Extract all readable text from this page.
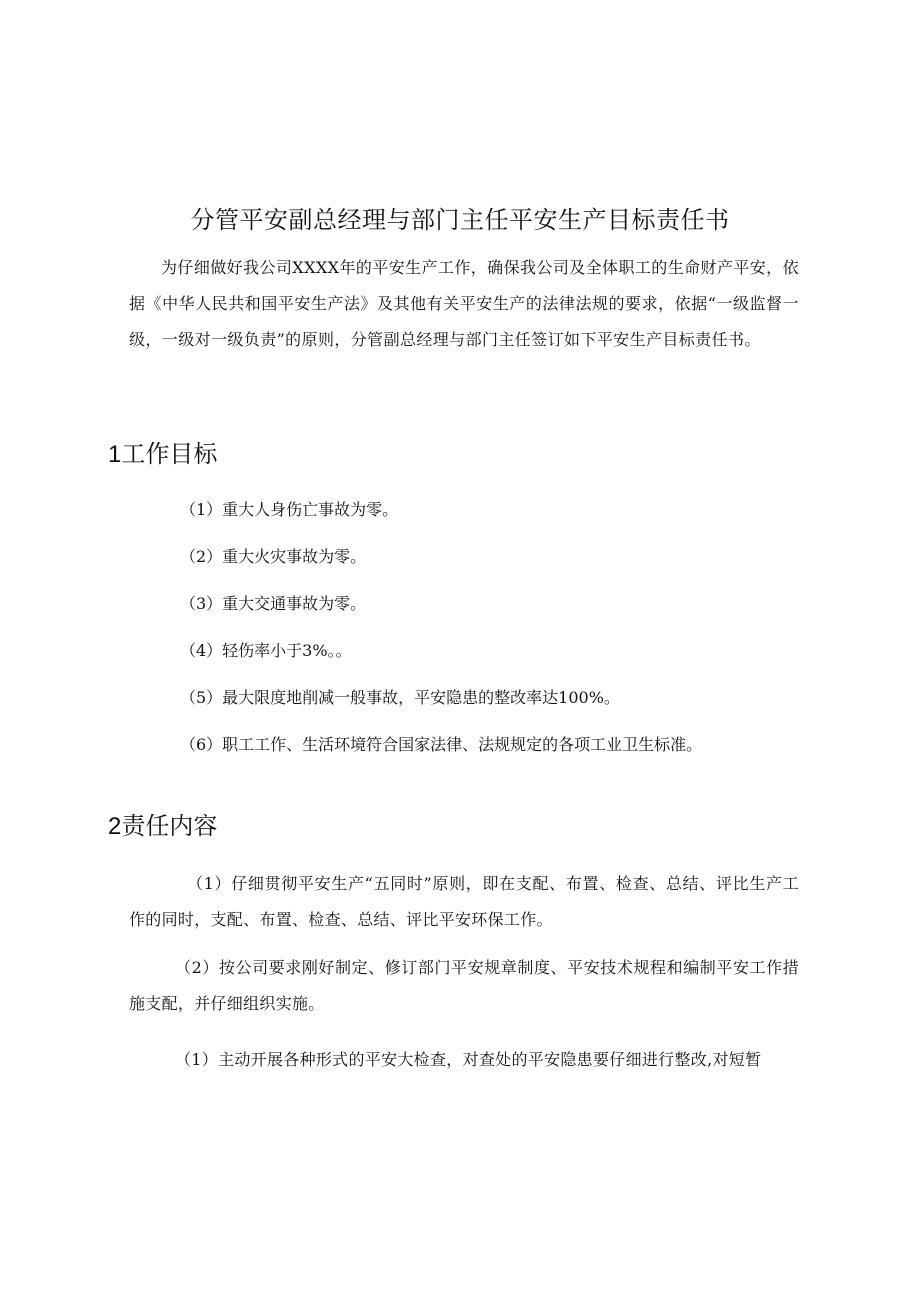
分管平安副总经理与部门主任平安生产目标责任书
为仔细做好我公司XXXX年的平安生产工作，确保我公司及全体职工的生命财产平安，依据《中华人民共和国平安生产法》及其他有关平安生产的法律法规的要求，依据“一级监督一级，一级对一级负责”的原则，分管副总经理与部门主任签订如下平安生产目标责任书。
1工作目标
（1）重大人身伤亡事故为零。
（2）重大火灾事故为零。
（3）重大交通事故为零。
（4）轻伤率小于3%。。
（5）最大限度地削减一般事故，平安隐患的整改率达100%。
（6）职工工作、生活环境符合国家法律、法规规定的各项工业卫生标准。
2责任内容
（1）仔细贯彻平安生产“五同时”原则，即在支配、布置、检查、总结、评比生产工作的同时，支配、布置、检查、总结、评比平安环保工作。
（2）按公司要求刚好制定、修订部门平安规章制度、平安技术规程和编制平安工作措施支配，并仔细组织实施。
（1）主动开展各种形式的平安大检查，对查处的平安隐患要仔细进行整改,对短暂
